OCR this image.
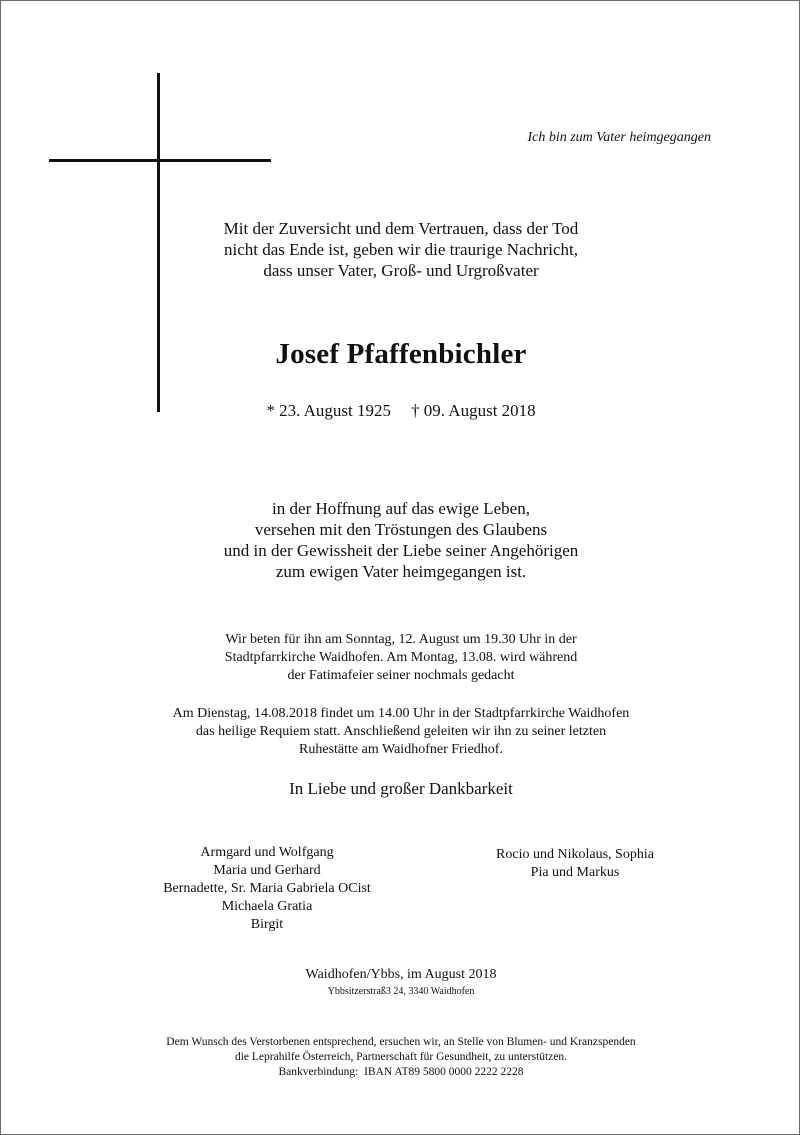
Ich bin zum Vater heimgegangen
Mit der Zuversicht und dem Vertrauen, dass der Tod
nicht das Ende ist, geben wir die traurige Nachricht,
dass unser Vater, Groß- und Urgroßvater
Josef Pfaffenbichler
* 23. August 1925 † 09. August 2018
in der Hoffnung auf das ewige Leben,
versehen mit den Tröstungen des Glaubens
und in der Gewissheit der Liebe seiner Angehörigen
zum ewigen Vater heimgegangen ist.
Wir beten für ihn am Sonntag, 12. August um 19.30 Uhr in der
Stadtpfarrkirche Waidhofen. Am Montag, 13.08. wird während
der Fatimafeier seiner nochmals gedacht
Am Dienstag, 14.08.2018 findet um 14.00 Uhr in der Stadtpfarrkirche Waidhofen
das heilige Requiem statt. Anschließend geleiten wir ihn zu seiner letzten
Ruhestätte am Waidhofner Friedhof.
In Liebe und großer Dankbarkeit
Armgard und Wolfgang
Maria und Gerhard
Bernadette, Sr. Maria Gabriela OCist
Michaela Gratia
Birgit
Rocio und Nikolaus, Sophia
Pia und Markus
Waidhofen/Ybbs, im August 2018
Ybbsitzerstraß3 24, 3340 Waidhofen
Dem Wunsch des Verstorbenen entsprechend, ersuchen wir, an Stelle von Blumen- und Kranzspenden
die Leprahilfe Österreich, Partnerschaft für Gesundheit, zu unterstützen.
Bankverbindung:  IBAN AT89 5800 0000 2222 2228
